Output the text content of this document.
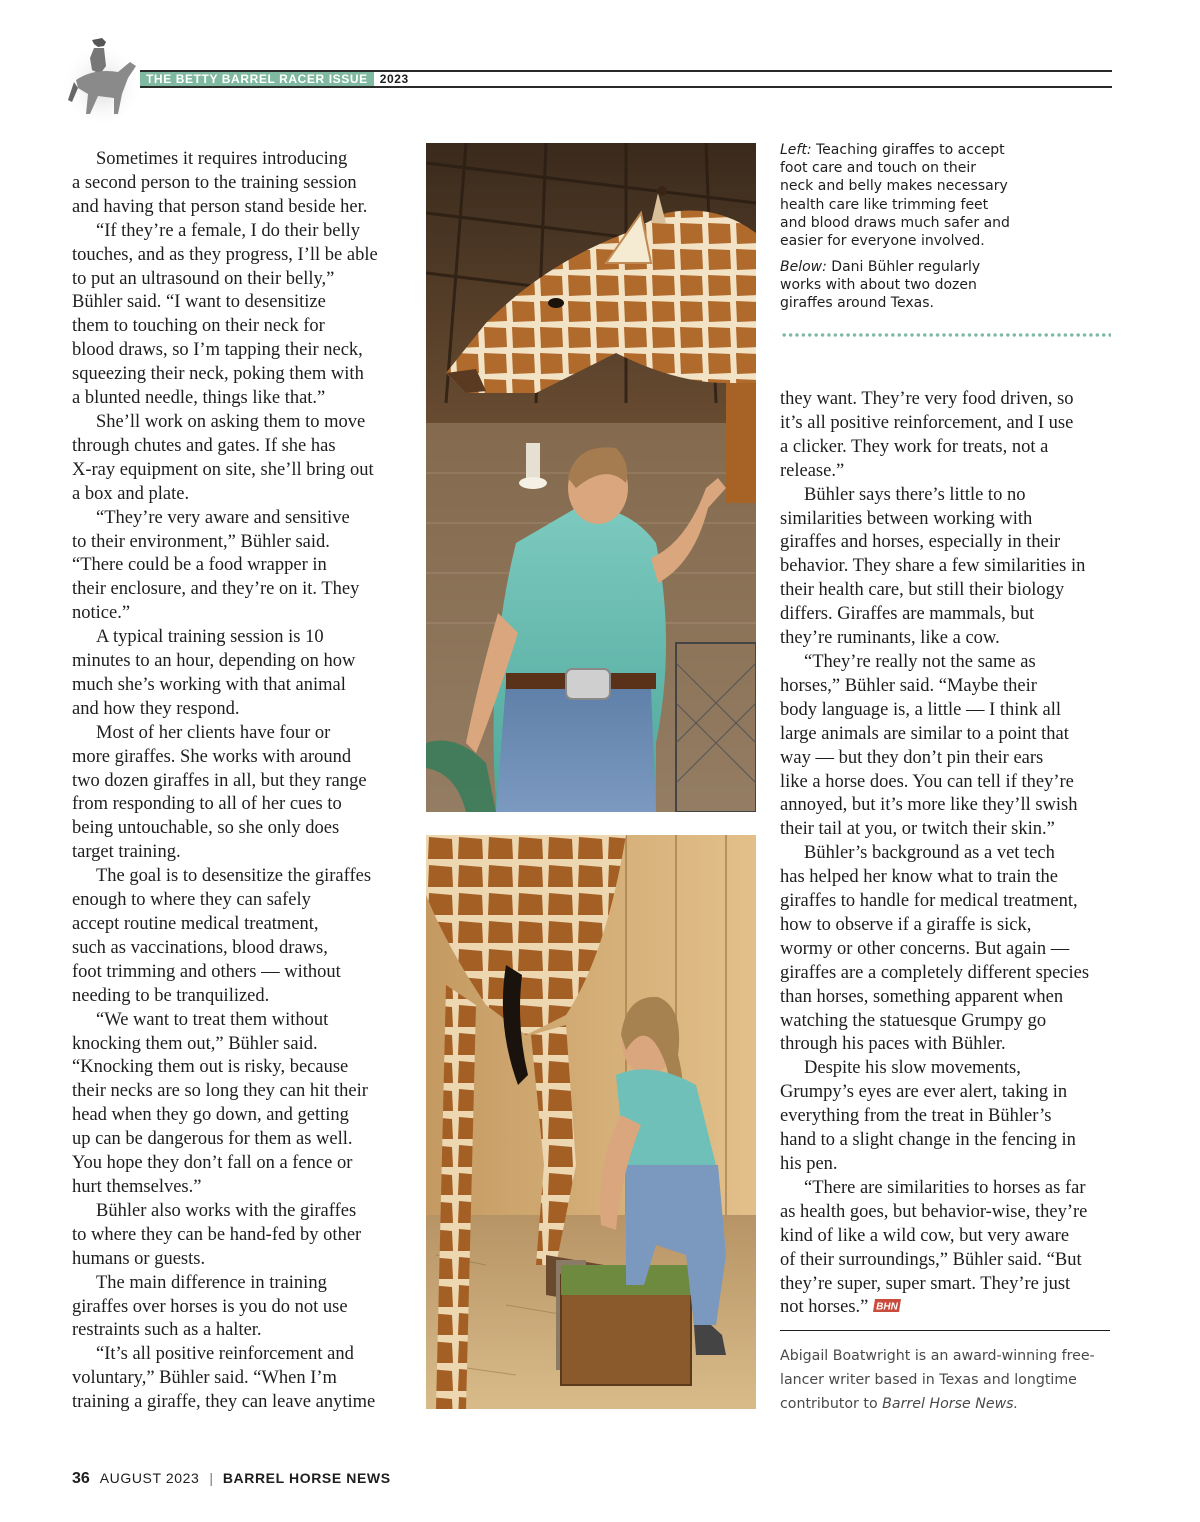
THE BETTY BARREL RACER ISSUE	2023

Sometimes it requires introducing

a second person to the training session

and having that person stand beside her.

“If they’re a female, I do their belly

touches, and as they progress, I’ll be able

to put an ultrasound on their belly,”

Bühler said. “I want to desensitize

them to touching on their neck for

blood draws, so I’m tapping their neck,

squeezing their neck, poking them with

a blunted needle, things like that.”

She’ll work on asking them to move

through chutes and gates. If she has

X-ray equipment on site, she’ll bring out

a box and plate.

“They’re very aware and sensitive

to their environment,” Bühler said.

“There could be a food wrapper in

their enclosure, and they’re on it. They

notice.”

A typical training session is 10

minutes to an hour, depending on how

much she’s working with that animal

and how they respond.

Most of her clients have four or

more giraffes. She works with around

two dozen giraffes in all, but they range

from responding to all of her cues to

being untouchable, so she only does

target training.

The goal is to desensitize the giraffes

enough to where they can safely

accept routine medical treatment,

such as vaccinations, blood draws,

foot trimming and others — without

needing to be tranquilized.

“We want to treat them without

knocking them out,” Bühler said.

“Knocking them out is risky, because

their necks are so long they can hit their

head when they go down, and getting

up can be dangerous for them as well.

You hope they don’t fall on a fence or

hurt themselves.”

Bühler also works with the giraffes

to where they can be hand-fed by other

humans or guests.

The main difference in training

giraffes over horses is you do not use

restraints such as a halter.

“It’s all positive reinforcement and

voluntary,” Bühler said. “When I’m

training a giraffe, they can leave anytime

Left: Teaching giraffes to accept

foot care and touch on their

neck and belly makes necessary

health care like trimming feet

and blood draws much safer and

easier for everyone involved.

Below: Dani Bühler regularly

works with about two dozen

giraffes around Texas.

they want. They’re very food driven, so

it’s all positive reinforcement, and I use

a clicker. They work for treats, not a

release.”

Bühler says there’s little to no

similarities between working with

giraffes and horses, especially in their

behavior. They share a few similarities in

their health care, but still their biology

differs. Giraffes are mammals, but

they’re ruminants, like a cow.

“They’re really not the same as

horses,” Bühler said. “Maybe their

body language is, a little — I think all

large animals are similar to a point that

way — but they don’t pin their ears

like a horse does. You can tell if they’re

annoyed, but it’s more like they’ll swish

their tail at you, or twitch their skin.”

Bühler’s background as a vet tech

has helped her know what to train the

giraffes to handle for medical treatment,

how to observe if a giraffe is sick,

wormy or other concerns. But again —

giraffes are a completely different species

than horses, something apparent when

watching the statuesque Grumpy go

through his paces with Bühler.

Despite his slow movements,

Grumpy’s eyes are ever alert, taking in

everything from the treat in Bühler’s

hand to a slight change in the fencing in

his pen.

“There are similarities to horses as far

as health goes, but behavior-wise, they’re

kind of like a wild cow, but very aware

of their surroundings,” Bühler said. “But

they’re super, super smart. They’re just

not horses.” BHN

Abigail Boatwright is an award-winning free-

lancer writer based in Texas and longtime

contributor to Barrel Horse News.

36 AUGUST 2023 | BARREL HORSE NEWS
